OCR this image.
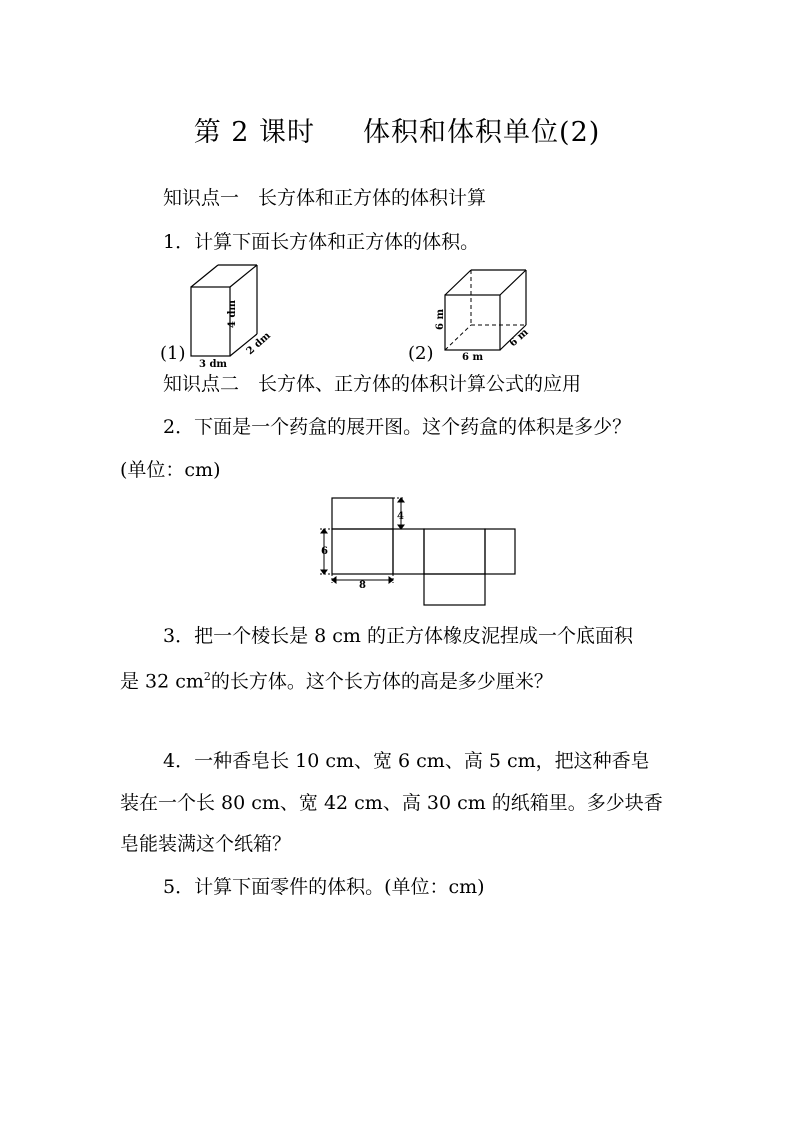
第 2 课时 体积和体积单位(2)
知识点一　长方体和正方体的体积计算
1．计算下面长方体和正方体的体积。
(1)
3 dm
4 dm
2 dm	(2)	6 m
6 m
6 m
知识点二　长方体、正方体的体积计算公式的应用
2．下面是一个药盒的展开图。这个药盒的体积是多少？
(单位：cm)
4
6
8
3．把一个棱长是 8 cm 的正方体橡皮泥捏成一个底面积
是 32 $cm^2$的长方体。这个长方体的高是多少厘米？
4．一种香皂长 10 cm、宽 6 cm、高 5 cm，把这种香皂
装在一个长 80 cm、宽 42 cm、高 30 cm 的纸箱里。多少块香
皂能装满这个纸箱？
5．计算下面零件的体积。(单位：cm)
